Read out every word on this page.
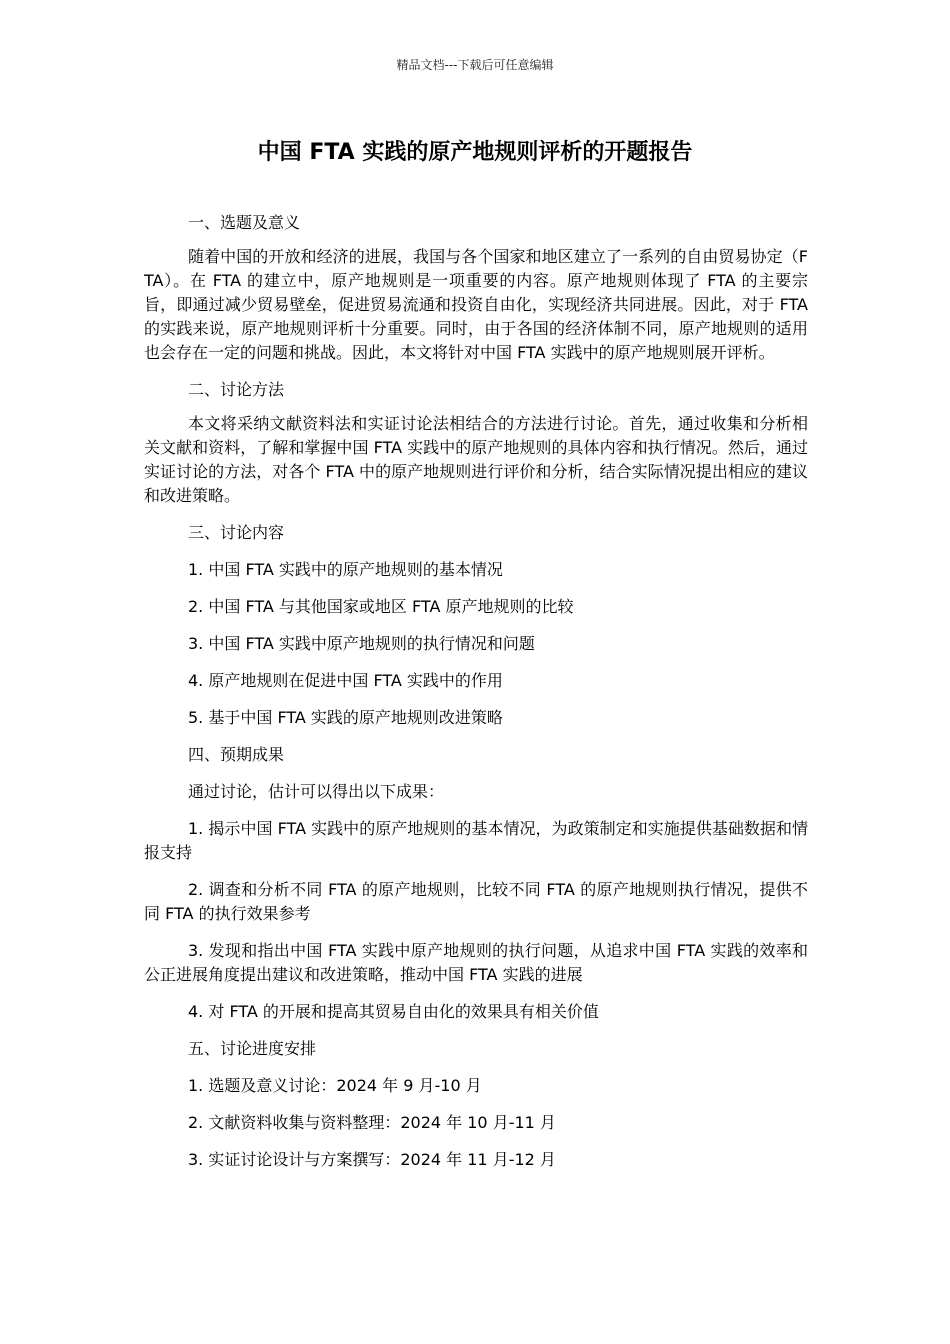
精品文档---下载后可任意编辑
中国 FTA 实践的原产地规则评析的开题报告

一、选题及意义

随着中国的开放和经济的进展，我国与各个国家和地区建立了一系列的自由贸易协定（FTA）。在 FTA 的建立中，原产地规则是一项重要的内容。原产地规则体现了 FTA 的主要宗旨，即通过减少贸易壁垒，促进贸易流通和投资自由化，实现经济共同进展。因此，对于 FTA 的实践来说，原产地规则评析十分重要。同时，由于各国的经济体制不同，原产地规则的适用也会存在一定的问题和挑战。因此，本文将针对中国 FTA 实践中的原产地规则展开评析。

二、讨论方法

本文将采纳文献资料法和实证讨论法相结合的方法进行讨论。首先，通过收集和分析相关文献和资料，了解和掌握中国 FTA 实践中的原产地规则的具体内容和执行情况。然后，通过实证讨论的方法，对各个 FTA 中的原产地规则进行评价和分析，结合实际情况提出相应的建议和改进策略。

三、讨论内容

1. 中国 FTA 实践中的原产地规则的基本情况

2. 中国 FTA 与其他国家或地区 FTA 原产地规则的比较

3. 中国 FTA 实践中原产地规则的执行情况和问题

4. 原产地规则在促进中国 FTA 实践中的作用

5. 基于中国 FTA 实践的原产地规则改进策略

四、预期成果

通过讨论，估计可以得出以下成果：

1. 揭示中国 FTA 实践中的原产地规则的基本情况，为政策制定和实施提供基础数据和情报支持

2. 调查和分析不同 FTA 的原产地规则，比较不同 FTA 的原产地规则执行情况，提供不同 FTA 的执行效果参考

3. 发现和指出中国 FTA 实践中原产地规则的执行问题，从追求中国 FTA 实践的效率和公正进展角度提出建议和改进策略，推动中国 FTA 实践的进展

4. 对 FTA 的开展和提高其贸易自由化的效果具有相关价值

五、讨论进度安排

1. 选题及意义讨论：2024 年 9 月-10 月

2. 文献资料收集与资料整理：2024 年 10 月-11 月

3. 实证讨论设计与方案撰写：2024 年 11 月-12 月
